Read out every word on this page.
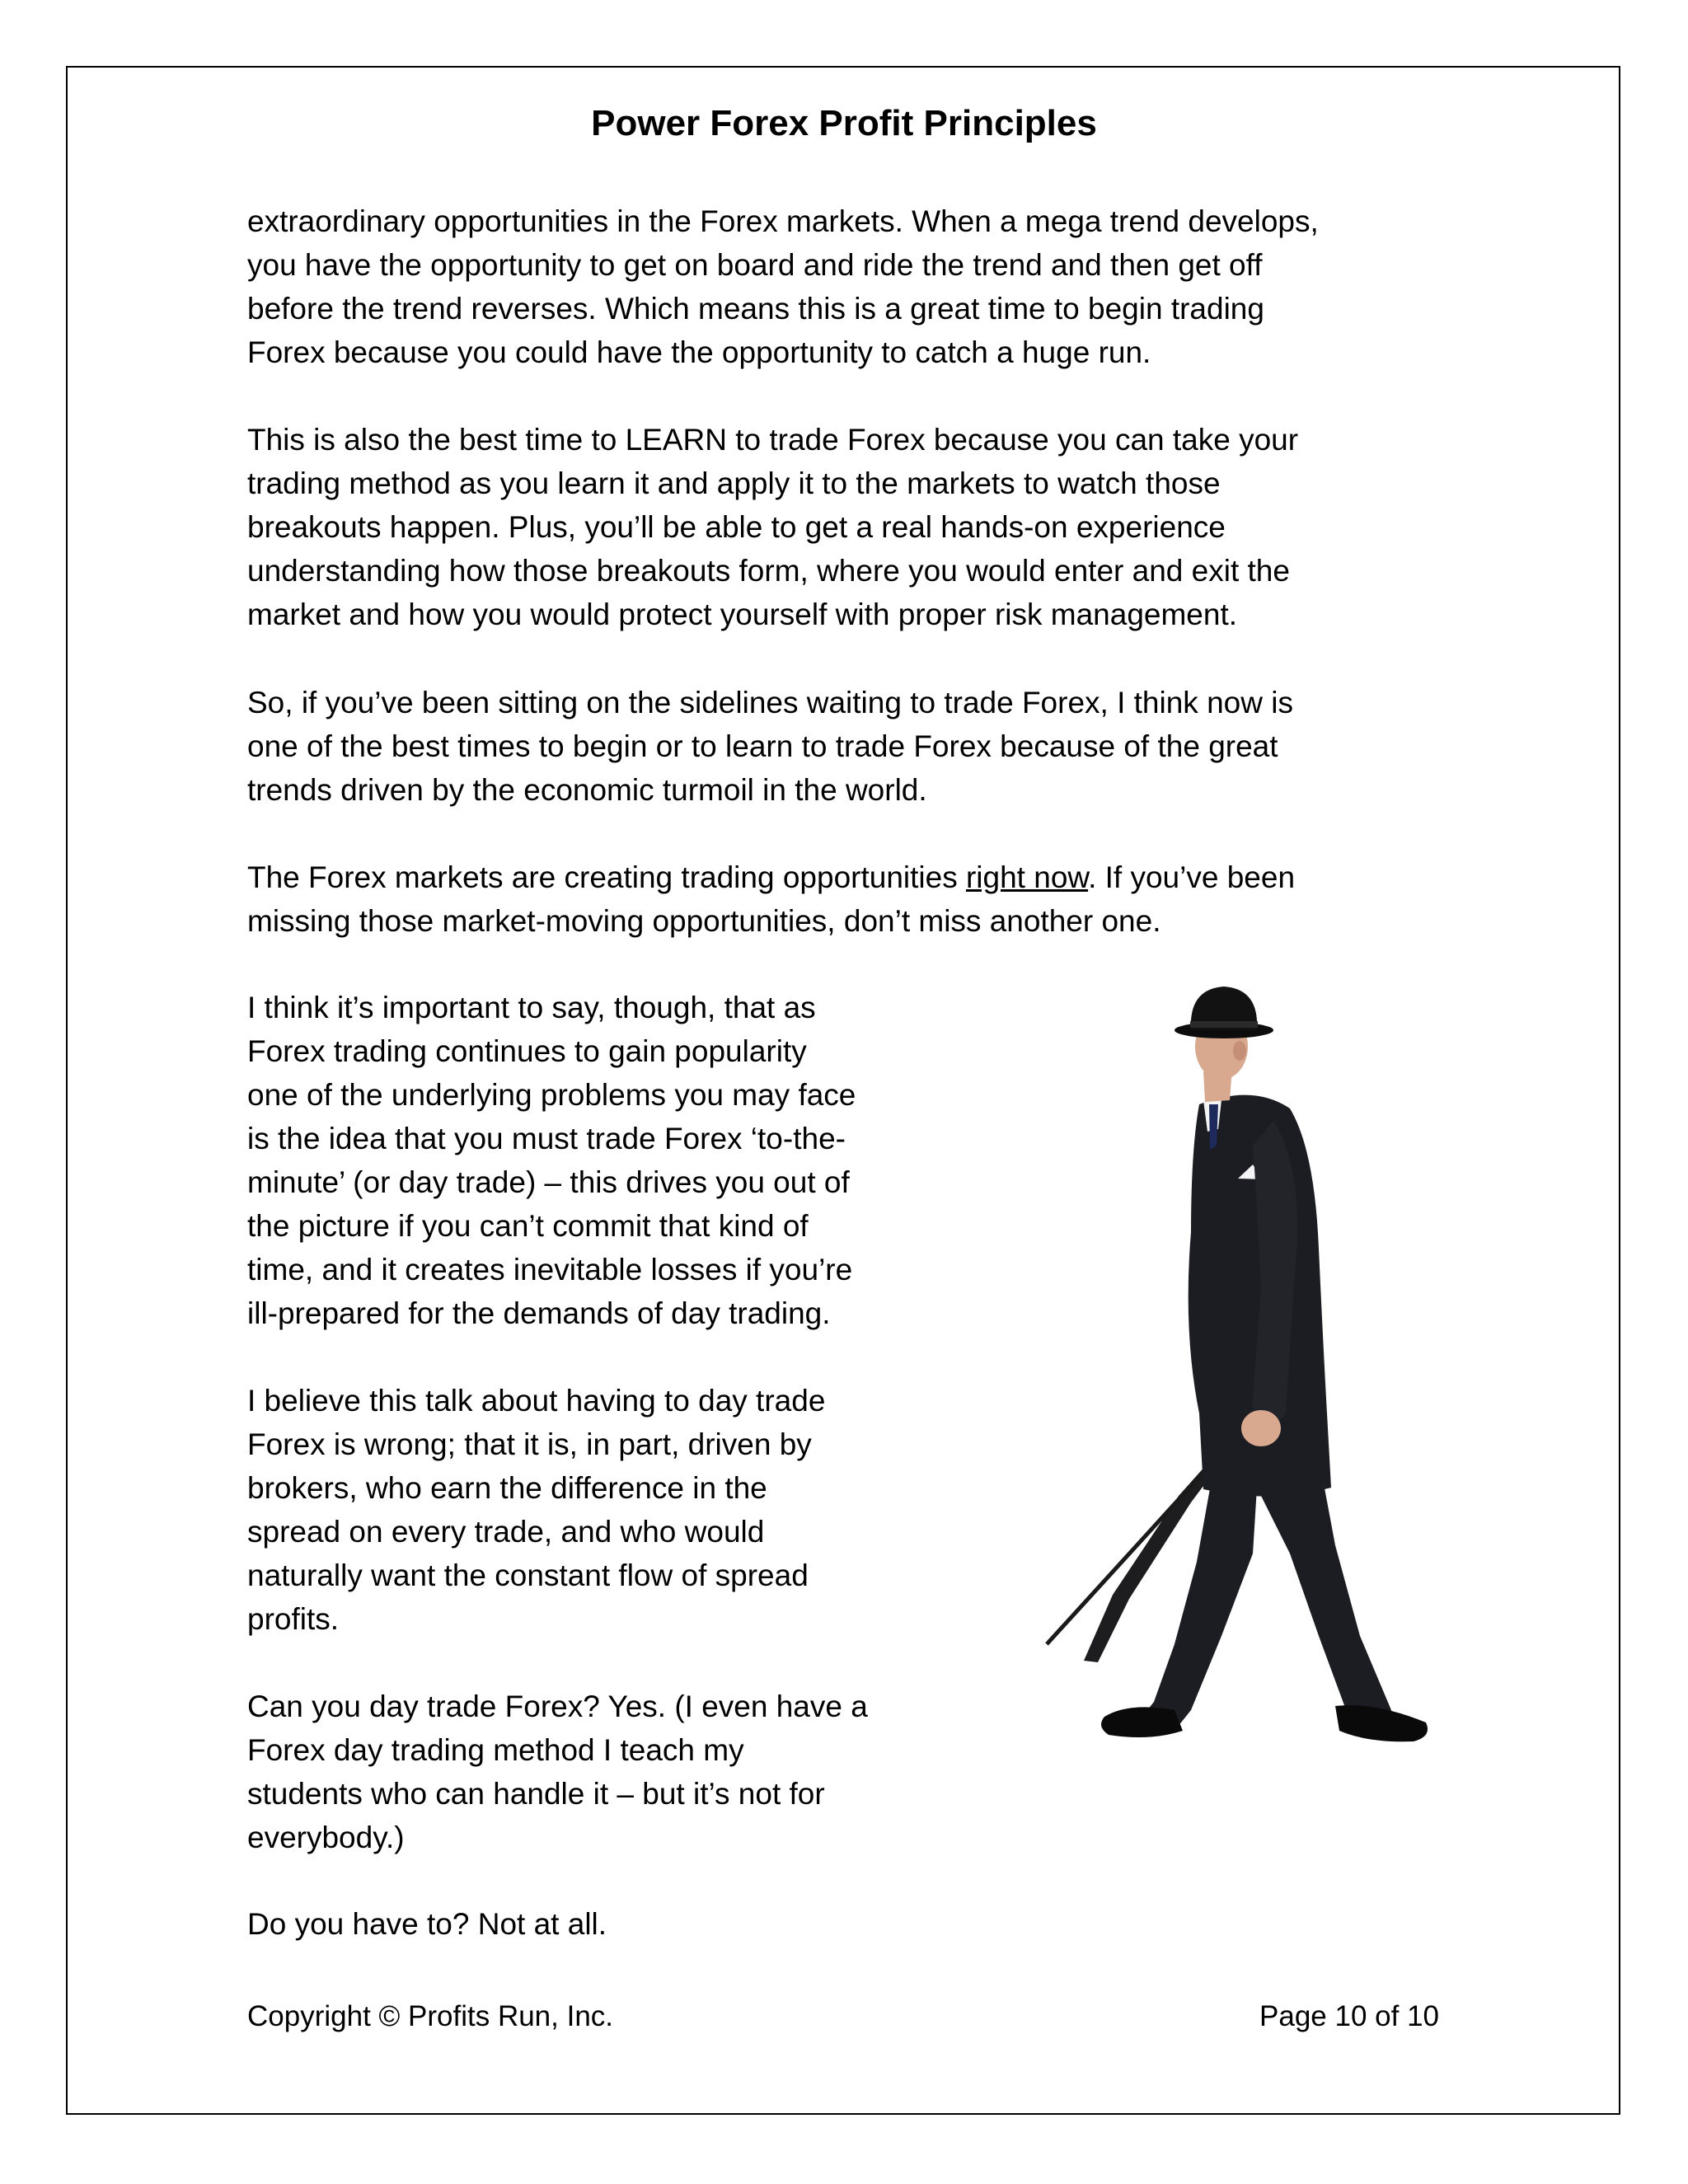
Power Forex Profit Principles

extraordinary opportunities in the Forex markets. When a mega trend develops,
you have the opportunity to get on board and ride the trend and then get off
before the trend reverses. Which means this is a great time to begin trading
Forex because you could have the opportunity to catch a huge run.

This is also the best time to LEARN to trade Forex because you can take your
trading method as you learn it and apply it to the markets to watch those
breakouts happen. Plus, you’ll be able to get a real hands-on experience
understanding how those breakouts form, where you would enter and exit the
market and how you would protect yourself with proper risk management.

So, if you’ve been sitting on the sidelines waiting to trade Forex, I think now is
one of the best times to begin or to learn to trade Forex because of the great
trends driven by the economic turmoil in the world.

The Forex markets are creating trading opportunities right now. If you’ve been
missing those market-moving opportunities, don’t miss another one.

I think it’s important to say, though, that as
Forex trading continues to gain popularity
one of the underlying problems you may face
is the idea that you must trade Forex ‘to-the-
minute’ (or day trade) – this drives you out of
the picture if you can’t commit that kind of
time, and it creates inevitable losses if you’re
ill-prepared for the demands of day trading.

I believe this talk about having to day trade
Forex is wrong; that it is, in part, driven by
brokers, who earn the difference in the
spread on every trade, and who would
naturally want the constant flow of spread
profits.

Can you day trade Forex? Yes. (I even have a
Forex day trading method I teach my
students who can handle it – but it’s not for
everybody.)

Do you have to? Not at all.

Copyright © Profits Run, Inc.	Page 10 of 10
